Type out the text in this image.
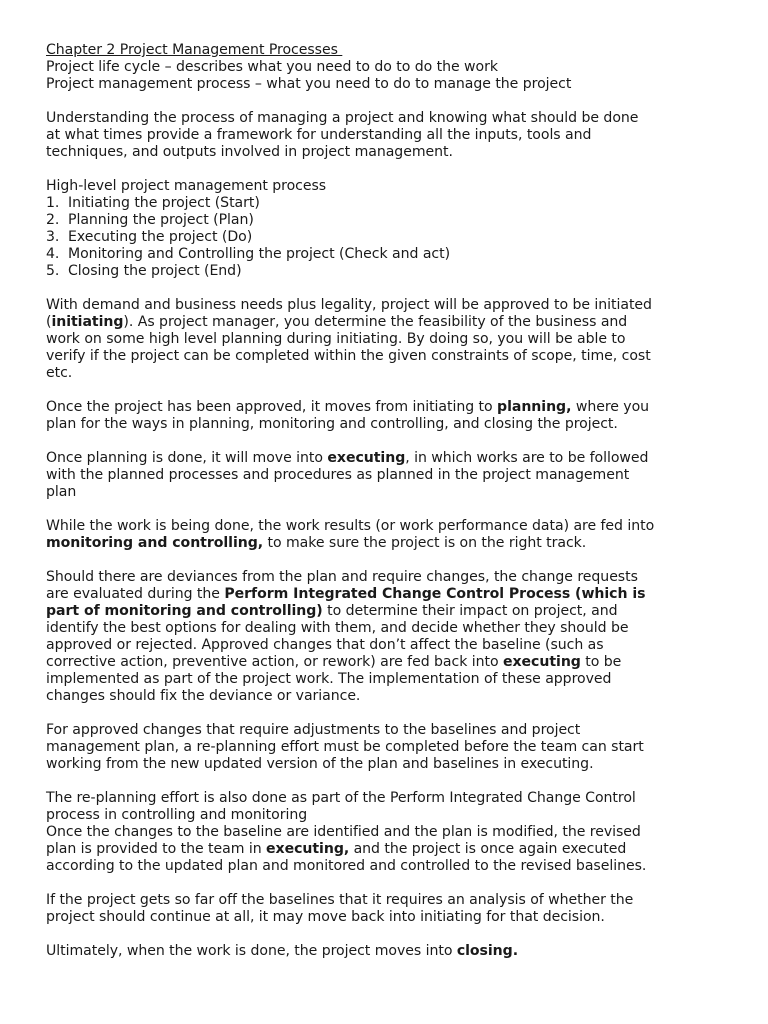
Chapter 2 Project Management Processes

Project life cycle – describes what you need to do to do the work

Project management process – what you need to do to manage the project

Understanding the process of managing a project and knowing what should be done

at what times provide a framework for understanding all the inputs, tools and

techniques, and outputs involved in project management.

High-level project management process

1. Initiating the project (Start)
2. Planning the project (Plan)
3. Executing the project (Do)
4. Monitoring and Controlling the project (Check and act)
5. Closing the project (End)

With demand and business needs plus legality, project will be approved to be initiated

(initiating). As project manager, you determine the feasibility of the business and

work on some high level planning during initiating. By doing so, you will be able to

verify if the project can be completed within the given constraints of scope, time, cost

etc.

Once the project has been approved, it moves from initiating to planning, where you

plan for the ways in planning, monitoring and controlling, and closing the project.

Once planning is done, it will move into executing, in which works are to be followed

with the planned processes and procedures as planned in the project management

plan

While the work is being done, the work results (or work performance data) are fed into

monitoring and controlling, to make sure the project is on the right track.

Should there are deviances from the plan and require changes, the change requests

are evaluated during the Perform Integrated Change Control Process (which is

part of monitoring and controlling) to determine their impact on project, and

identify the best options for dealing with them, and decide whether they should be

approved or rejected. Approved changes that don’t affect the baseline (such as

corrective action, preventive action, or rework) are fed back into executing to be

implemented as part of the project work. The implementation of these approved

changes should fix the deviance or variance.

For approved changes that require adjustments to the baselines and project

management plan, a re-planning effort must be completed before the team can start

working from the new updated version of the plan and baselines in executing.

The re-planning effort is also done as part of the Perform Integrated Change Control

process in controlling and monitoring

Once the changes to the baseline are identified and the plan is modified, the revised

plan is provided to the team in executing, and the project is once again executed

according to the updated plan and monitored and controlled to the revised baselines.

If the project gets so far off the baselines that it requires an analysis of whether the

project should continue at all, it may move back into initiating for that decision.

Ultimately, when the work is done, the project moves into closing.
